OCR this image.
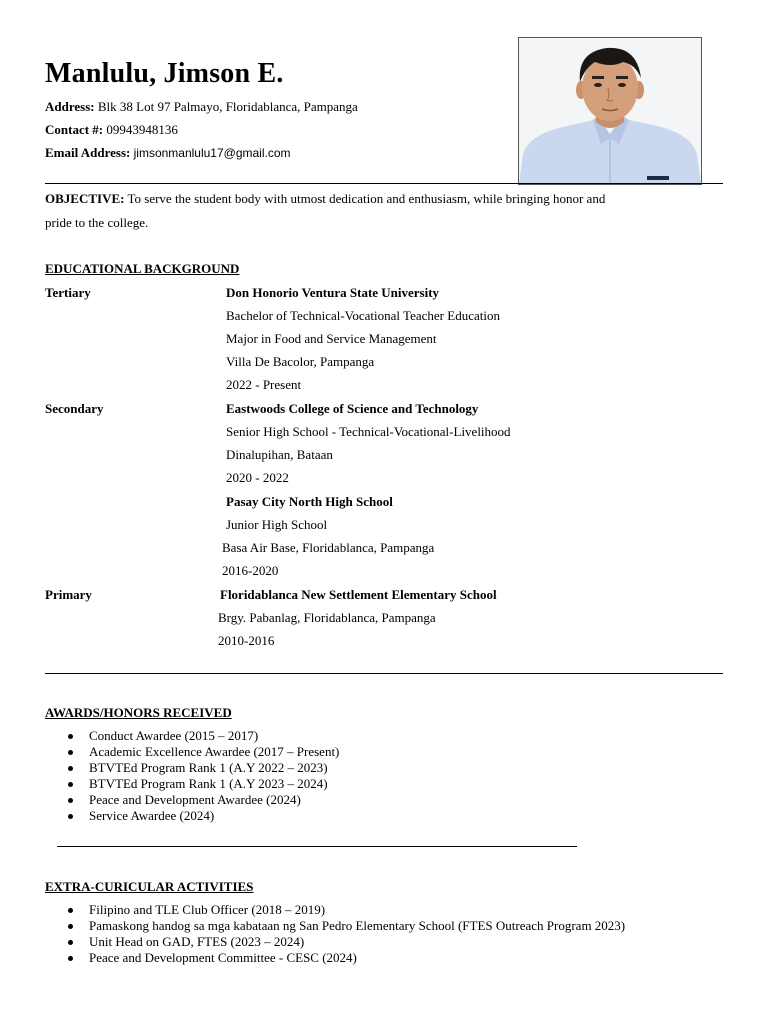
Manlulu, Jimson E.
Address: Blk 38 Lot 97 Palmayo, Floridablanca, Pampanga
Contact #: 09943948136
Email Address: jimsonmanlulu17@gmail.com
OBJECTIVE: To serve the student body with utmost dedication and enthusiasm, while bringing honor and
pride to the college.
EDUCATIONAL BACKGROUND
Tertiary	Don Honorio Ventura State University
Bachelor of Technical-Vocational Teacher Education
Major in Food and Service Management
Villa De Bacolor, Pampanga
2022 - Present
Secondary	Eastwoods College of Science and Technology
Senior High School - Technical-Vocational-Livelihood
Dinalupihan, Bataan
2020 - 2022
Pasay City North High School
Junior High School
Basa Air Base, Floridablanca, Pampanga
2016-2020
Primary	Floridablanca New Settlement Elementary School
Brgy. Pabanlag, Floridablanca, Pampanga
2010-2016
AWARDS/HONORS RECEIVED
Conduct Awardee (2015 – 2017)
Academic Excellence Awardee (2017 – Present)
BTVTEd Program Rank 1 (A.Y 2022 – 2023)
BTVTEd Program Rank 1 (A.Y 2023 – 2024)
Peace and Development Awardee (2024)
Service Awardee (2024)
EXTRA-CURICULAR ACTIVITIES
Filipino and TLE Club Officer (2018 – 2019)
Pamaskong handog sa mga kabataan ng San Pedro Elementary School (FTES Outreach Program 2023)
Unit Head on GAD, FTES (2023 – 2024)
Peace and Development Committee - CESC (2024)
